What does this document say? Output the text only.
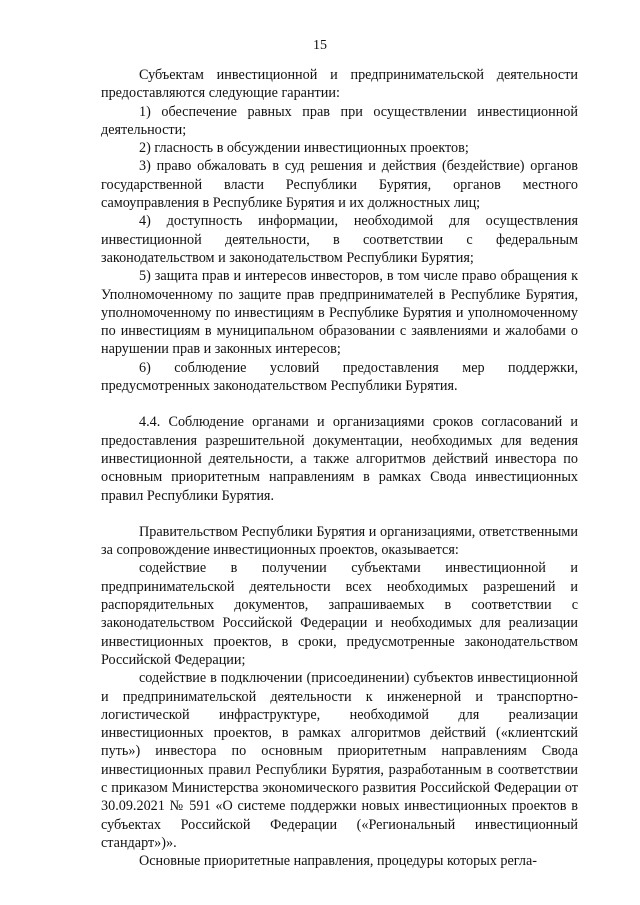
15

Субъектам инвестиционной и предпринимательской деятельности предоставляются следующие гарантии:

1) обеспечение равных прав при осуществлении инвестиционной деятельности;

2) гласность в обсуждении инвестиционных проектов;

3) право обжаловать в суд решения и действия (бездействие) органов государственной власти Республики Бурятия, органов местного самоуправления в Республике Бурятия и их должностных лиц;

4) доступность информации, необходимой для осуществления инвестиционной деятельности, в соответствии с федеральным законодательством и законодательством Республики Бурятия;

5) защита прав и интересов инвесторов, в том числе право обращения к Уполномоченному по защите прав предпринимателей в Республике Бурятия, уполномоченному по инвестициям в Республике Бурятия и уполномоченному по инвестициям в муниципальном образовании с заявлениями и жалобами о нарушении прав и законных интересов;

6) соблюдение условий предоставления мер поддержки, предусмотренных законодательством Республики Бурятия.

4.4. Соблюдение органами и организациями сроков согласований и предоставления разрешительной документации, необходимых для ведения инвестиционной деятельности, а также алгоритмов действий инвестора по основным приоритетным направлениям в рамках Свода инвестиционных правил Республики Бурятия.

Правительством Республики Бурятия и организациями, ответственными за сопровождение инвестиционных проектов, оказывается:

содействие в получении субъектами инвестиционной и предпринимательской деятельности всех необходимых разрешений и распорядительных документов, запрашиваемых в соответствии с законодательством Российской Федерации и необходимых для реализации инвестиционных проектов, в сроки, предусмотренные законодательством Российской Федерации;

содействие в подключении (присоединении) субъектов инвестиционной и предпринимательской деятельности к инженерной и транспортно-логистической инфраструктуре, необходимой для реализации инвестиционных проектов, в рамках алгоритмов действий («клиентский путь») инвестора по основным приоритетным направлениям Свода инвестиционных правил Республики Бурятия, разработанным в соответствии с приказом Министерства экономического развития Российской Федерации от 30.09.2021 № 591 «О системе поддержки новых инвестиционных проектов в субъектах Российской Федерации («Региональный инвестиционный стандарт»)».

Основные приоритетные направления, процедуры которых регла-
